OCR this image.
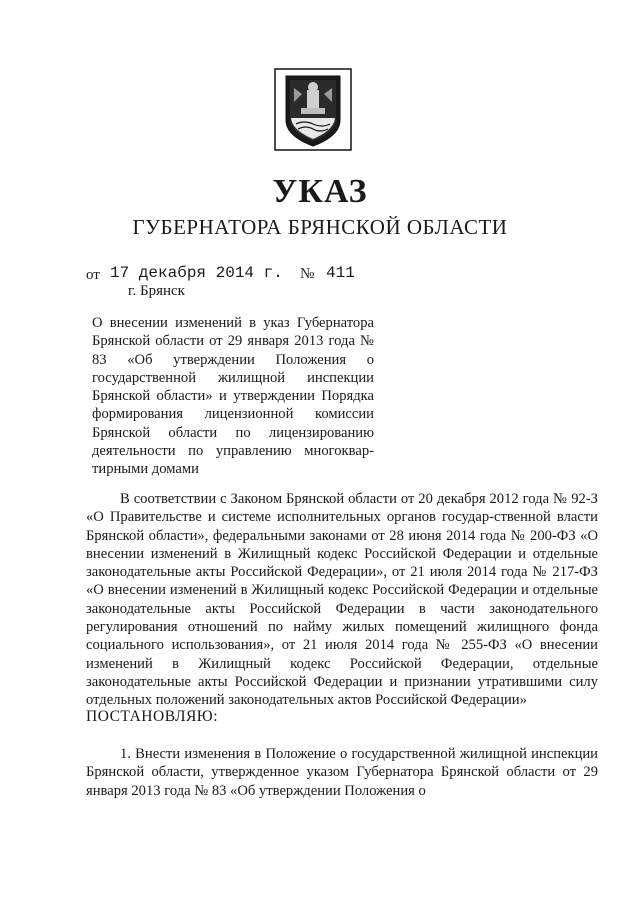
УКАЗ
ГУБЕРНАТОРА БРЯНСКОЙ ОБЛАСТИ
от 17 декабря 2014 г. № 411
г. Брянск
О внесении изменений в указ Губернатора Брянской области от 29 января 2013 года № 83 «Об утверждении Положения о государственной жилищной инспекции Брянской области» и утверждении Порядка формирования лицензионной комиссии Брянской области по лицензированию деятельности по управлению многоквар-тирными домами
В соответствии с Законом Брянской области от 20 декабря 2012 года № 92-З «О Правительстве и системе исполнительных органов государ-ственной власти Брянской области», федеральными законами от 28 июня 2014 года № 200-ФЗ «О внесении изменений в Жилищный кодекс Российской Федерации и отдельные законодательные акты Российской Федерации», от 21 июля 2014 года № 217-ФЗ «О внесении изменений в Жилищный кодекс Российской Федерации и отдельные законодательные акты Российской Федерации в части законодательного регулирования отношений по найму жилых помещений жилищного фонда социального использования», от 21 июля 2014 года № 255-ФЗ «О внесении изменений в Жилищный кодекс Российской Федерации, отдельные законодательные акты Российской Федерации и признании утратившими силу отдельных положений законодательных актов Российской Федерации»
ПОСТАНОВЛЯЮ:
1. Внести изменения в Положение о государственной жилищной инспекции Брянской области, утвержденное указом Губернатора Брянской области от 29 января 2013 года № 83 «Об утверждении Положения о
